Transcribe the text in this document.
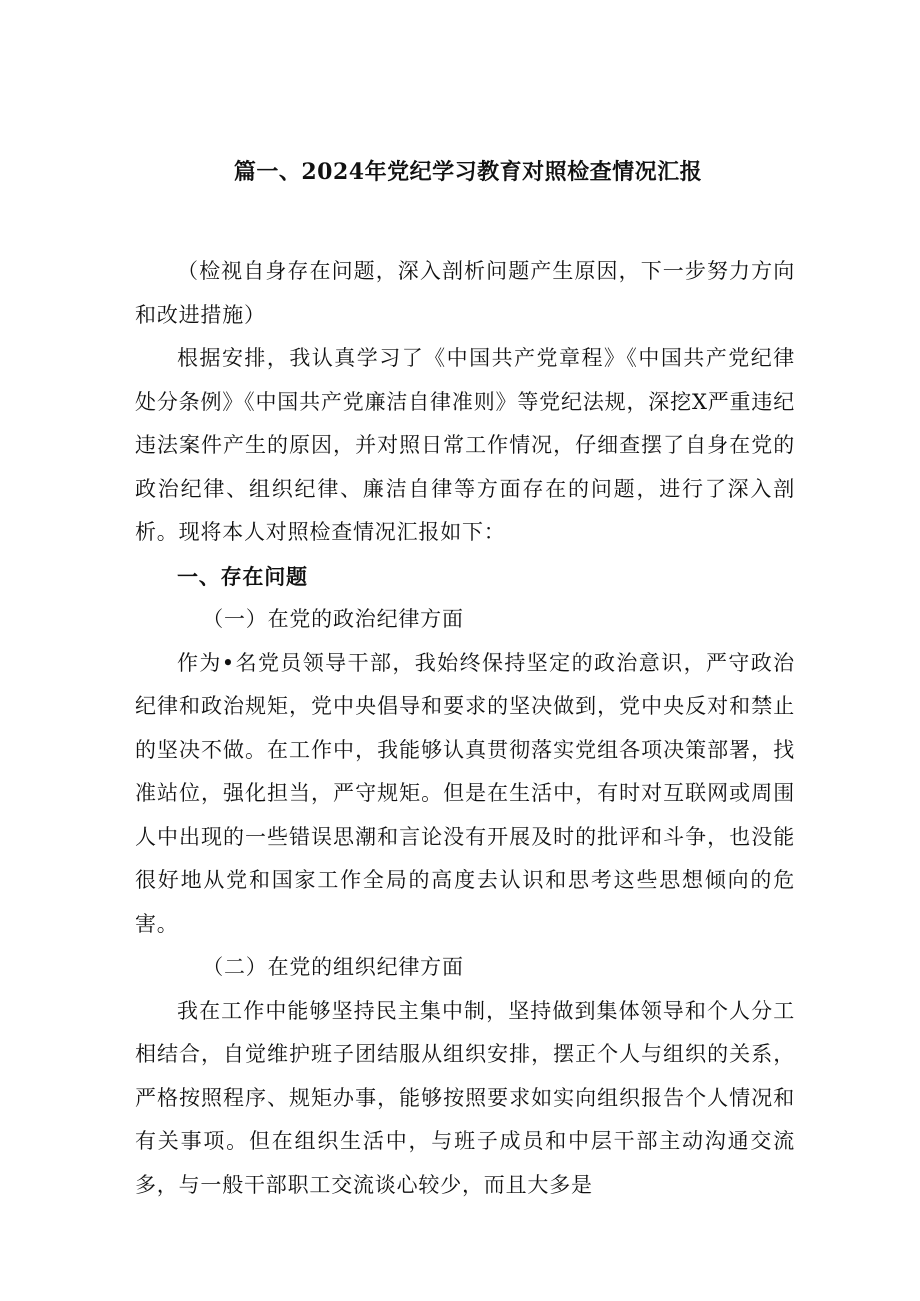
篇一、2024年党纪学习教育对照检查情况汇报

（检视自身存在问题，深入剖析问题产生原因，下一步努力方向和改进措施）

根据安排，我认真学习了《中国共产党章程》《中国共产党纪律处分条例》《中国共产党廉洁自律准则》等党纪法规，深挖X严重违纪违法案件产生的原因，并对照日常工作情况，仔细查摆了自身在党的政治纪律、组织纪律、廉洁自律等方面存在的问题，进行了深入剖析。现将本人对照检查情况汇报如下：

一、存在问题

（一）在党的政治纪律方面

作为•名党员领导干部，我始终保持坚定的政治意识，严守政治纪律和政治规矩，党中央倡导和要求的坚决做到，党中央反对和禁止的坚决不做。在工作中，我能够认真贯彻落实党组各项决策部署，找准站位，强化担当，严守规矩。但是在生活中，有时对互联网或周围人中出现的一些错误思潮和言论没有开展及时的批评和斗争，也没能很好地从党和国家工作全局的高度去认识和思考这些思想倾向的危害。

（二）在党的组织纪律方面

我在工作中能够坚持民主集中制，坚持做到集体领导和个人分工相结合，自觉维护班子团结服从组织安排，摆正个人与组织的关系，严格按照程序、规矩办事，能够按照要求如实向组织报告个人情况和有关事项。但在组织生活中，与班子成员和中层干部主动沟通交流多，与一般干部职工交流谈心较少，而且大多是
